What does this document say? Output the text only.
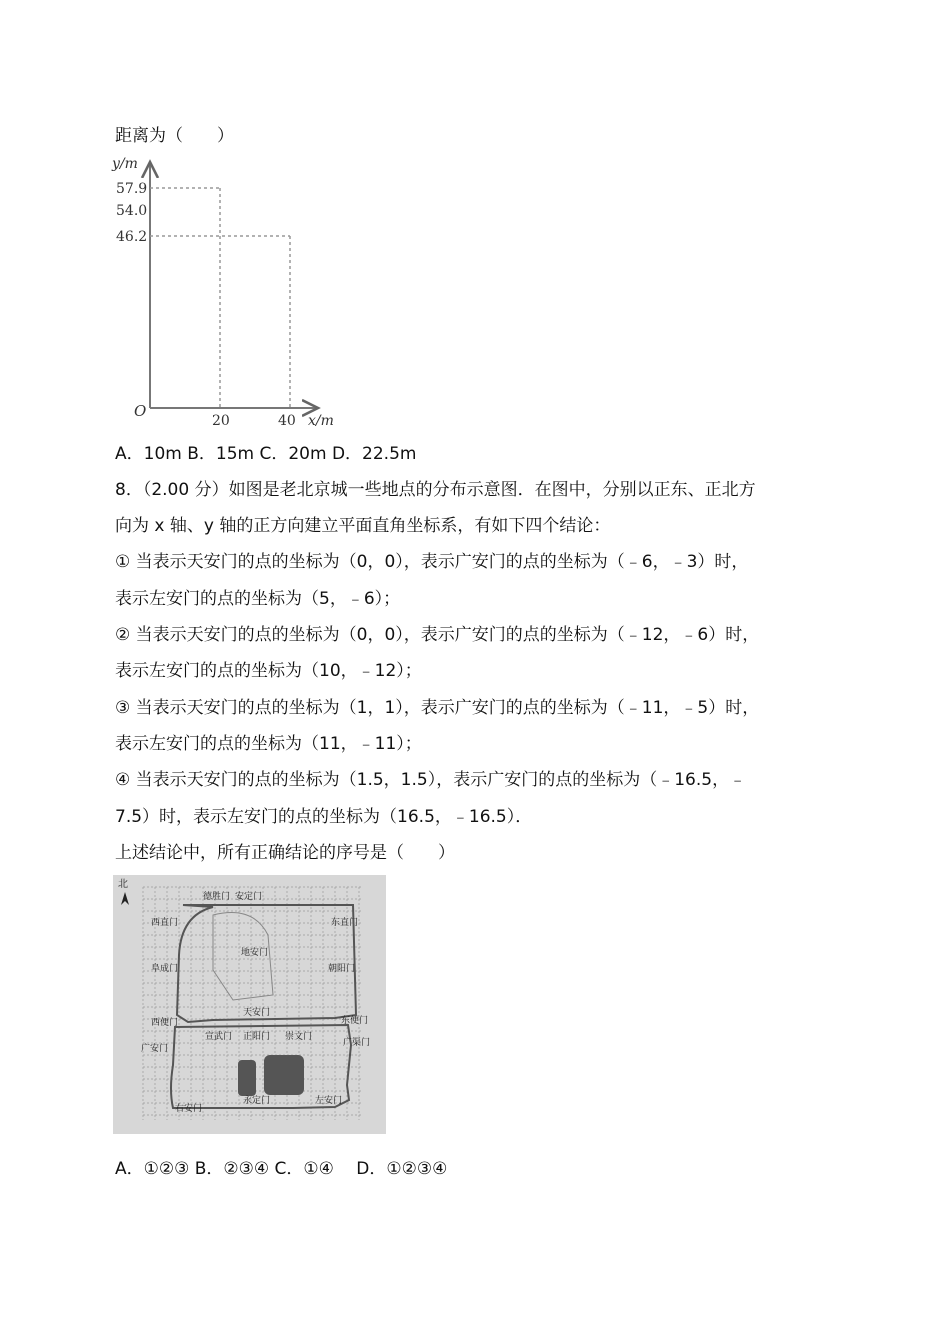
距离为（　　）
y/m
57.9
54.0
46.2
O
20	40 x/m
A．10m B．15m C．20m D．22.5m
8．（2.00 分）如图是老北京城一些地点的分布示意图．在图中，分别以正东、正北方
向为 x 轴、y 轴的正方向建立平面直角坐标系，有如下四个结论：
① 当表示天安门的点的坐标为（0，0），表示广安门的点的坐标为（﹣6，﹣3）时，
表示左安门的点的坐标为（5，﹣6）；
② 当表示天安门的点的坐标为（0，0），表示广安门的点的坐标为（﹣12，﹣6）时，
表示左安门的点的坐标为（10，﹣12）；
③ 当表示天安门的点的坐标为（1，1），表示广安门的点的坐标为（﹣11，﹣5）时，
表示左安门的点的坐标为（11，﹣11）；
④ 当表示天安门的点的坐标为（1.5，1.5），表示广安门的点的坐标为（﹣16.5，﹣
7.5）时，表示左安门的点的坐标为（16.5，﹣16.5）．
上述结论中，所有正确结论的序号是（　　）
北
德胜门 安定门
西直门	东直门
地安门
阜成门	朝阳门
西便门
天安门
东便门
宣武门 正阳门 崇文门
广安门
广渠门
永定门	左安门
右安门
A．①②③ B．②③④ C．①④　 D．①②③④
